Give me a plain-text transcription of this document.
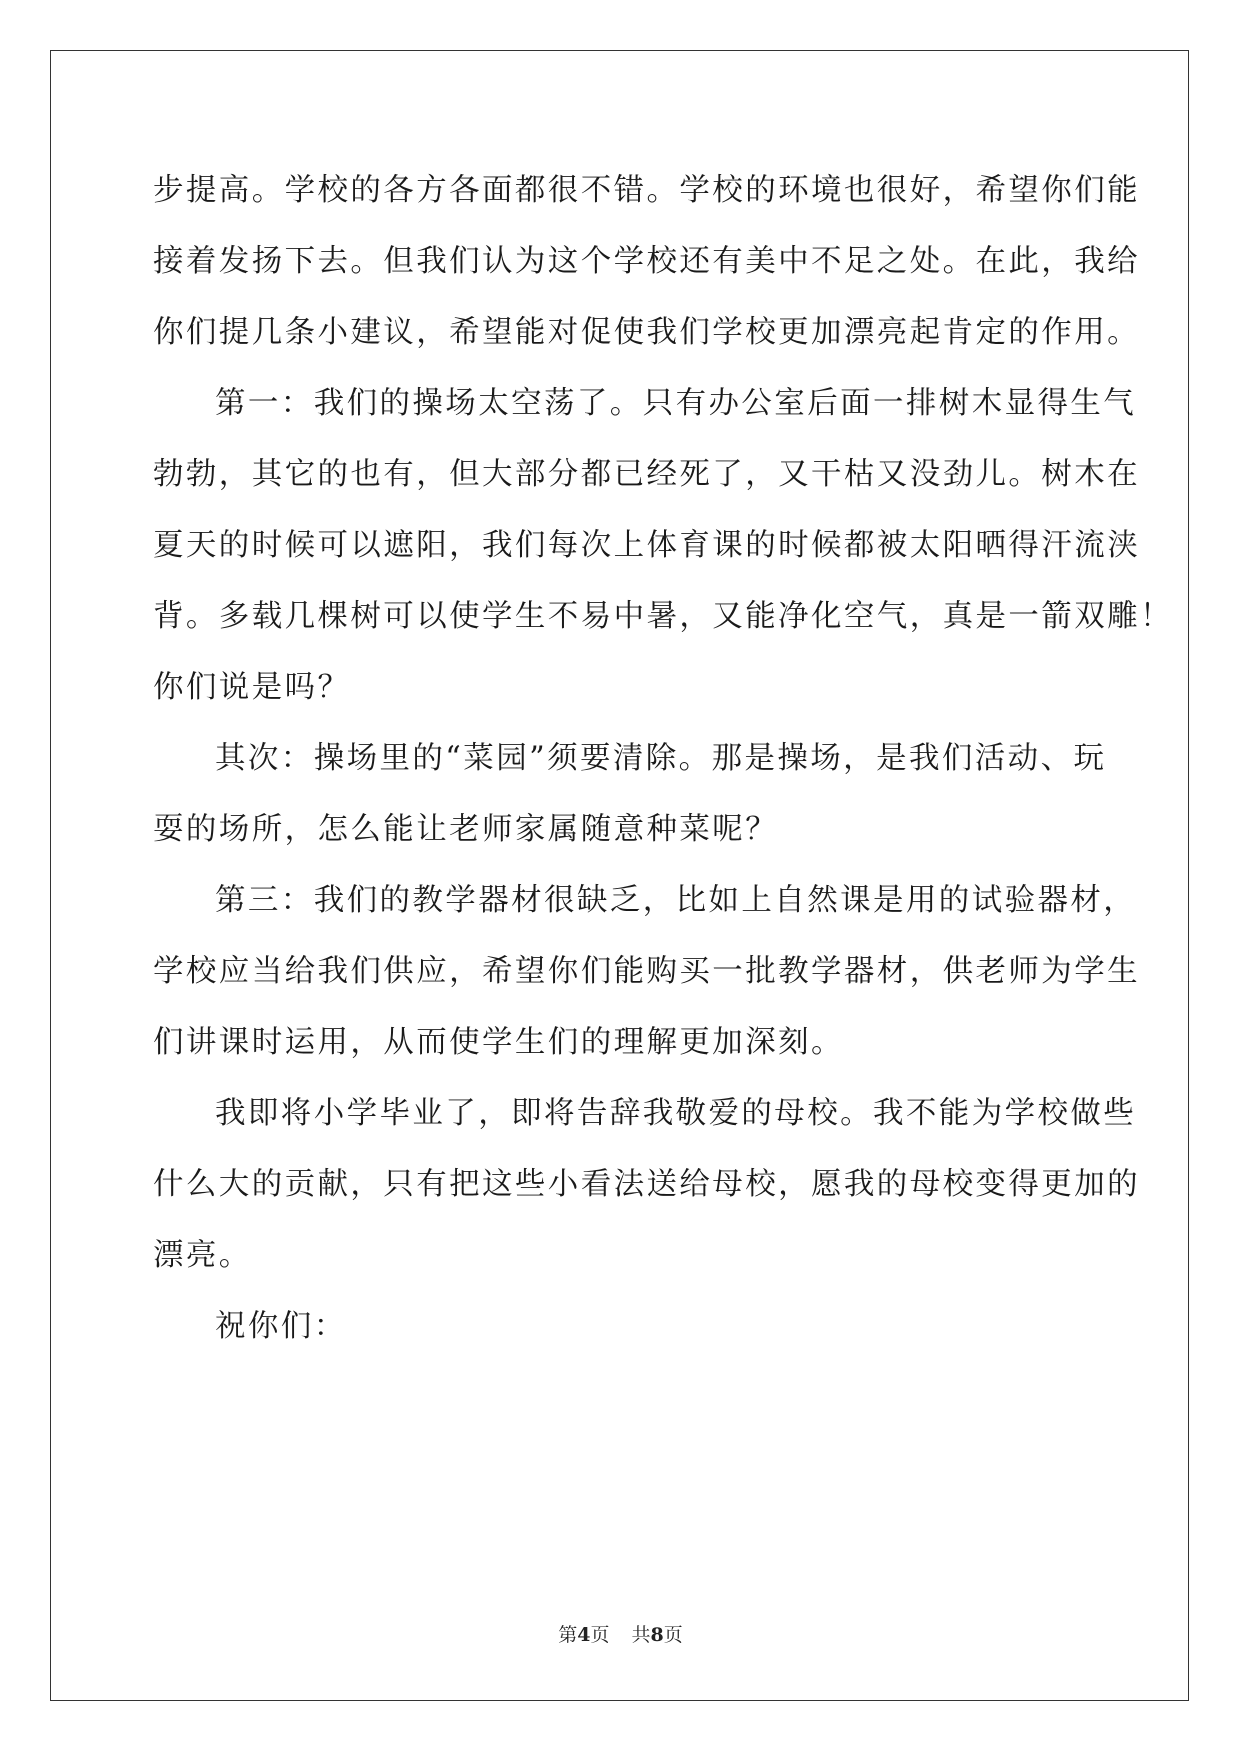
步提高。学校的各方各面都很不错。学校的环境也很好，希望你们能
接着发扬下去。但我们认为这个学校还有美中不足之处。在此，我给
你们提几条小建议，希望能对促使我们学校更加漂亮起肯定的作用。
第一：我们的操场太空荡了。只有办公室后面一排树木显得生气
勃勃，其它的也有，但大部分都已经死了，又干枯又没劲儿。树木在
夏天的时候可以遮阳，我们每次上体育课的时候都被太阳晒得汗流浃
背。多载几棵树可以使学生不易中暑，又能净化空气，真是一箭双雕！
你们说是吗？
其次：操场里的“菜园”须要清除。那是操场，是我们活动、玩
耍的场所，怎么能让老师家属随意种菜呢？
第三：我们的教学器材很缺乏，比如上自然课是用的试验器材，
学校应当给我们供应，希望你们能购买一批教学器材，供老师为学生
们讲课时运用，从而使学生们的理解更加深刻。
我即将小学毕业了，即将告辞我敬爱的母校。我不能为学校做些
什么大的贡献，只有把这些小看法送给母校，愿我的母校变得更加的
漂亮。
祝你们：
第4页 共8页
